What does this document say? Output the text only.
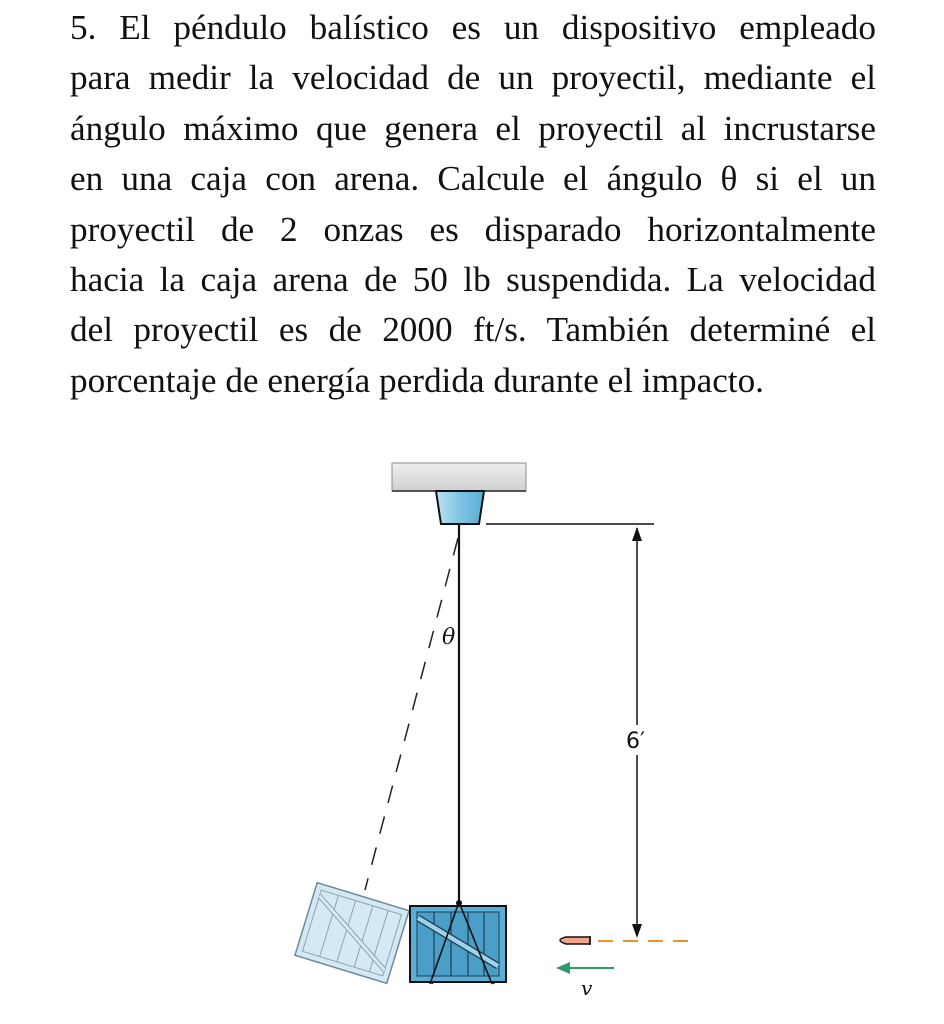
5. El péndulo balístico es un dispositivo empleado
para medir la velocidad de un proyectil, mediante el
ángulo máximo que genera el proyectil al incrustarse
en una caja con arena. Calcule el ángulo θ si el un
proyectil de 2 onzas es disparado horizontalmente
hacia la caja arena de 50 lb suspendida. La velocidad
del proyectil es de 2000 ft/s. También determiné el
porcentaje de energía perdida durante el impacto.
θ
6′
v
